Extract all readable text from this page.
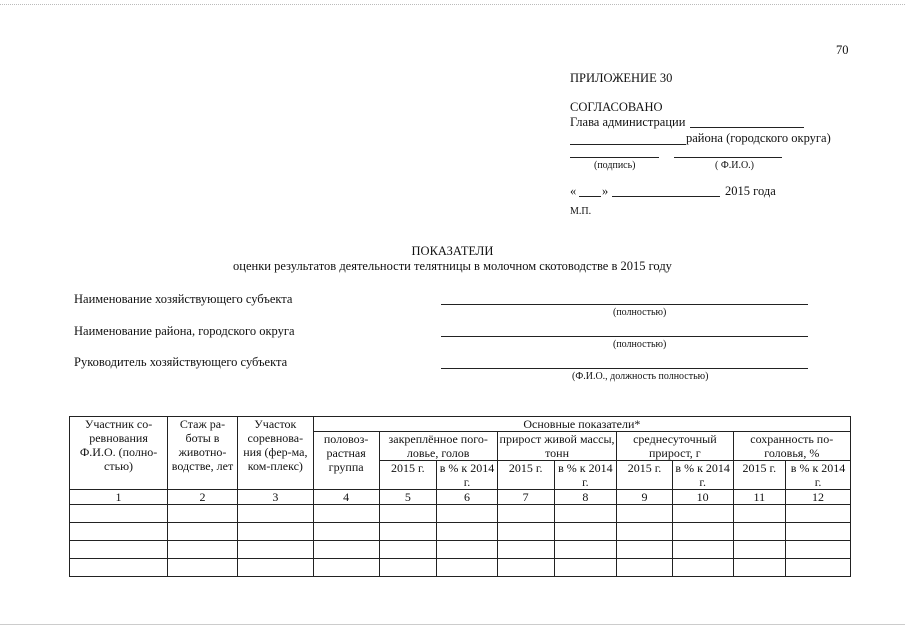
70
ПРИЛОЖЕНИЕ 30
СОГЛАСОВАНО
Глава администрации
района (городского округа)
(подпись)	( Ф.И.О.)
« »	2015 года
М.П.
ПОКАЗАТЕЛИ
оценки результатов деятельности телятницы в молочном скотоводстве в 2015 году
Наименование хозяйствующего субъекта
(полностью)
Наименование района, городского округа
(полностью)
Руководитель хозяйствующего субъекта
(Ф.И.О., должность полностью)
Участник со-ревнования Ф.И.О. (полно-стью)	Стаж ра-боты в животно-водстве, лет	Участок соревнова-ния (фер-ма, ком-плекс)	Основные показатели*								
			половоз-растная группа	закреплённое пого-ловье, голов		прирост живой массы, тонн		среднесуточный прирост, г		сохранность по-головья, %	
				2015 г.	в % к 2014 г.	2015 г.	в % к 2014 г.	2015 г.	в % к 2014 г.	2015 г.	в % к 2014 г.
1	2	3	4	5	6	7	8	9	10	11	12
